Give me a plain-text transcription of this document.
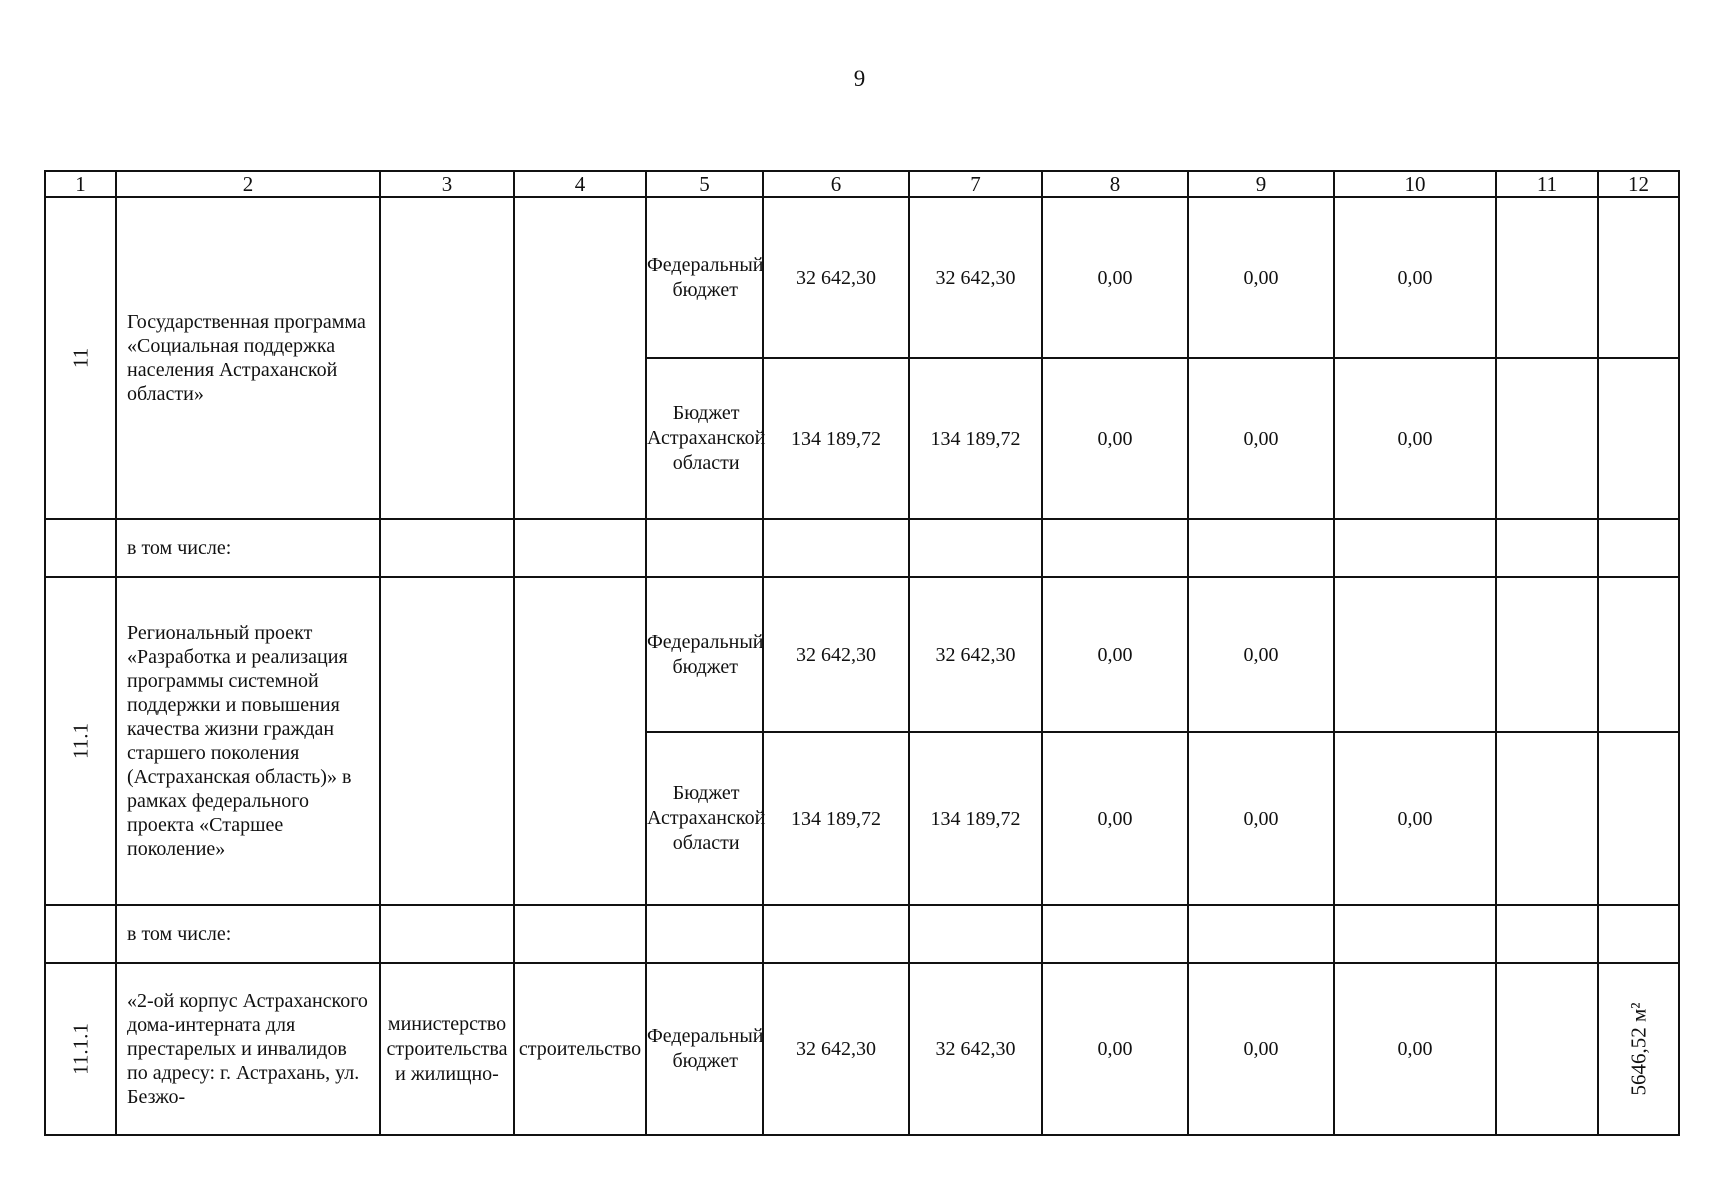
9
1	2	3	4	5	6	7	8	9	10	11	12

11	Государственная программа «Социальная поддержка населения Астраханской области»			Федеральный бюджет	32 642,30	32 642,30	0,00	0,00	0,00		
				Бюджет Астраханской области	134 189,72	134 189,72	0,00	0,00	0,00		
	в том числе:										

11.1	Региональный проект «Разработка и реализация программы системной поддержки и повышения качества жизни граждан старшего поколения (Астраханская область)» в рамках федерального проекта «Старшее поколение»			Федеральный бюджет	32 642,30	32 642,30	0,00	0,00			
				Бюджет Астраханской области	134 189,72	134 189,72	0,00	0,00	0,00		
	в том числе:										

11.1.1	«2-ой корпус Астраханского дома-интерната для престарелых и инвалидов по адресу: г. Астрахань, ул. Безжо-	министерство строительства и жилищно-	строительство	Федеральный бюджет	32 642,30	32 642,30	0,00	0,00	0,00		5646,52 м²
